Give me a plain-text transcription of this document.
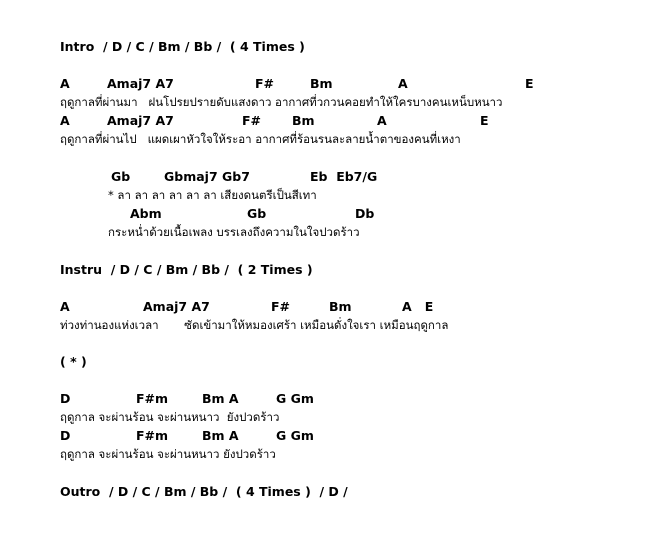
Intro  / D / C / Bm / Bb /  ( 4 Times )
A	Amaj7 A7	F#	Bm	A	E
ฤดูกาลที่ผ่านมา   ฝนโปรยปรายดับแสงดาว อากาศที่วกวนคอยทำให้ใครบางคนเหน็บหนาว
A	Amaj7 A7	F# Bm	A	E
ฤดูกาลที่ผ่านไป   แผดเผาหัวใจให้ระอา อากาศที่ร้อนรนละลายน้ำตาของคนที่เหงา
Gb	Gbmaj7 Gb7	Eb  Eb7/G
* ลา ลา ลา ลา ลา ลา เสียงดนตรีเป็นสีเทา
Abm	Gb	Db
กระหน่ำด้วยเนื้อเพลง บรรเลงถึงความในใจปวดร้าว
Instru  / D / C / Bm / Bb /  ( 2 Times )
A	Amaj7 A7	F#	Bm	A   E
ท่วงท่านองแห่งเวลา       ซัดเข้ามาให้หมองเศร้า เหมือนดั่งใจเรา เหมือนฤดูกาล
( * )
D	F#m	Bm A	G Gm
ฤดูกาล จะผ่านร้อน จะผ่านหนาว  ยังปวดร้าว
D	F#m	Bm A	G Gm
ฤดูกาล จะผ่านร้อน จะผ่านหนาว ยังปวดร้าว
Outro  / D / C / Bm / Bb /  ( 4 Times )  / D /
